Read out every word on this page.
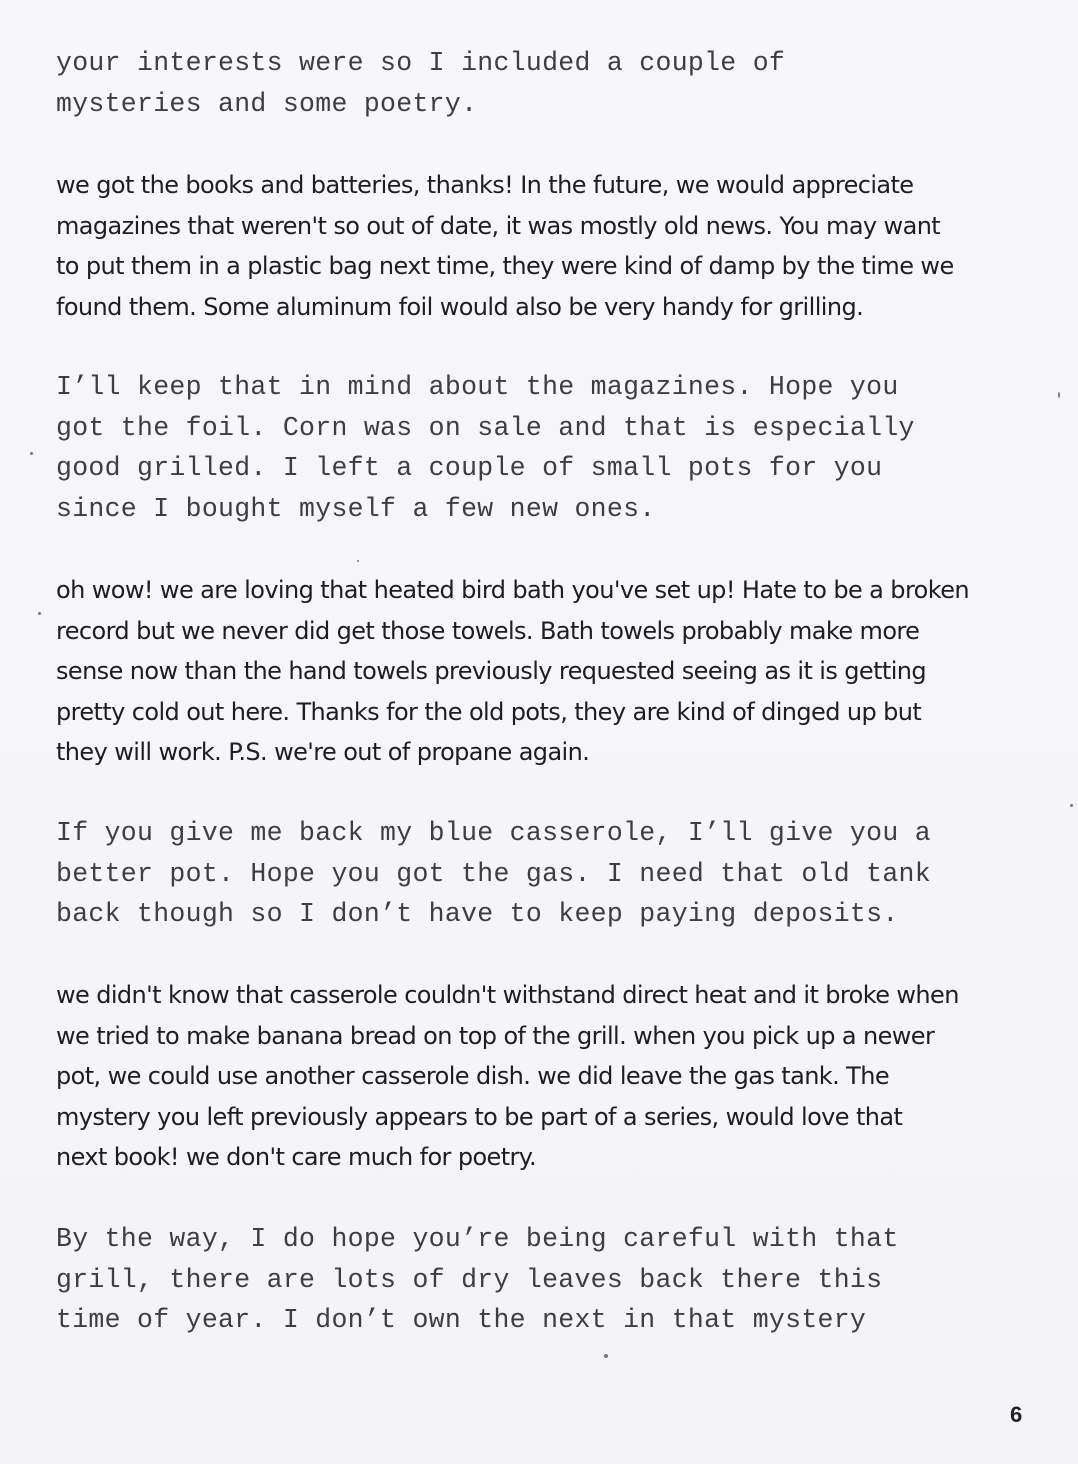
your interests were so I included a couple of
mysteries and some poetry.

we got the books and batteries, thanks! In the future, we would appreciate
magazines that weren't so out of date, it was mostly old news. You may want
to put them in a plastic bag next time, they were kind of damp by the time we
found them. Some aluminum foil would also be very handy for grilling.

I’ll keep that in mind about the magazines. Hope you
got the foil. Corn was on sale and that is especially
good grilled. I left a couple of small pots for you
since I bought myself a few new ones.

oh wow! we are loving that heated bird bath you've set up! Hate to be a broken
record but we never did get those towels. Bath towels probably make more
sense now than the hand towels previously requested seeing as it is getting
pretty cold out here. Thanks for the old pots, they are kind of dinged up but
they will work. P.S. we're out of propane again.

If you give me back my blue casserole, I’ll give you a
better pot. Hope you got the gas. I need that old tank
back though so I don’t have to keep paying deposits.

we didn't know that casserole couldn't withstand direct heat and it broke when
we tried to make banana bread on top of the grill. when you pick up a newer
pot, we could use another casserole dish. we did leave the gas tank. The
mystery you left previously appears to be part of a series, would love that
next book! we don't care much for poetry.

By the way, I do hope you’re being careful with that
grill, there are lots of dry leaves back there this
time of year. I don’t own the next in that mystery

6
